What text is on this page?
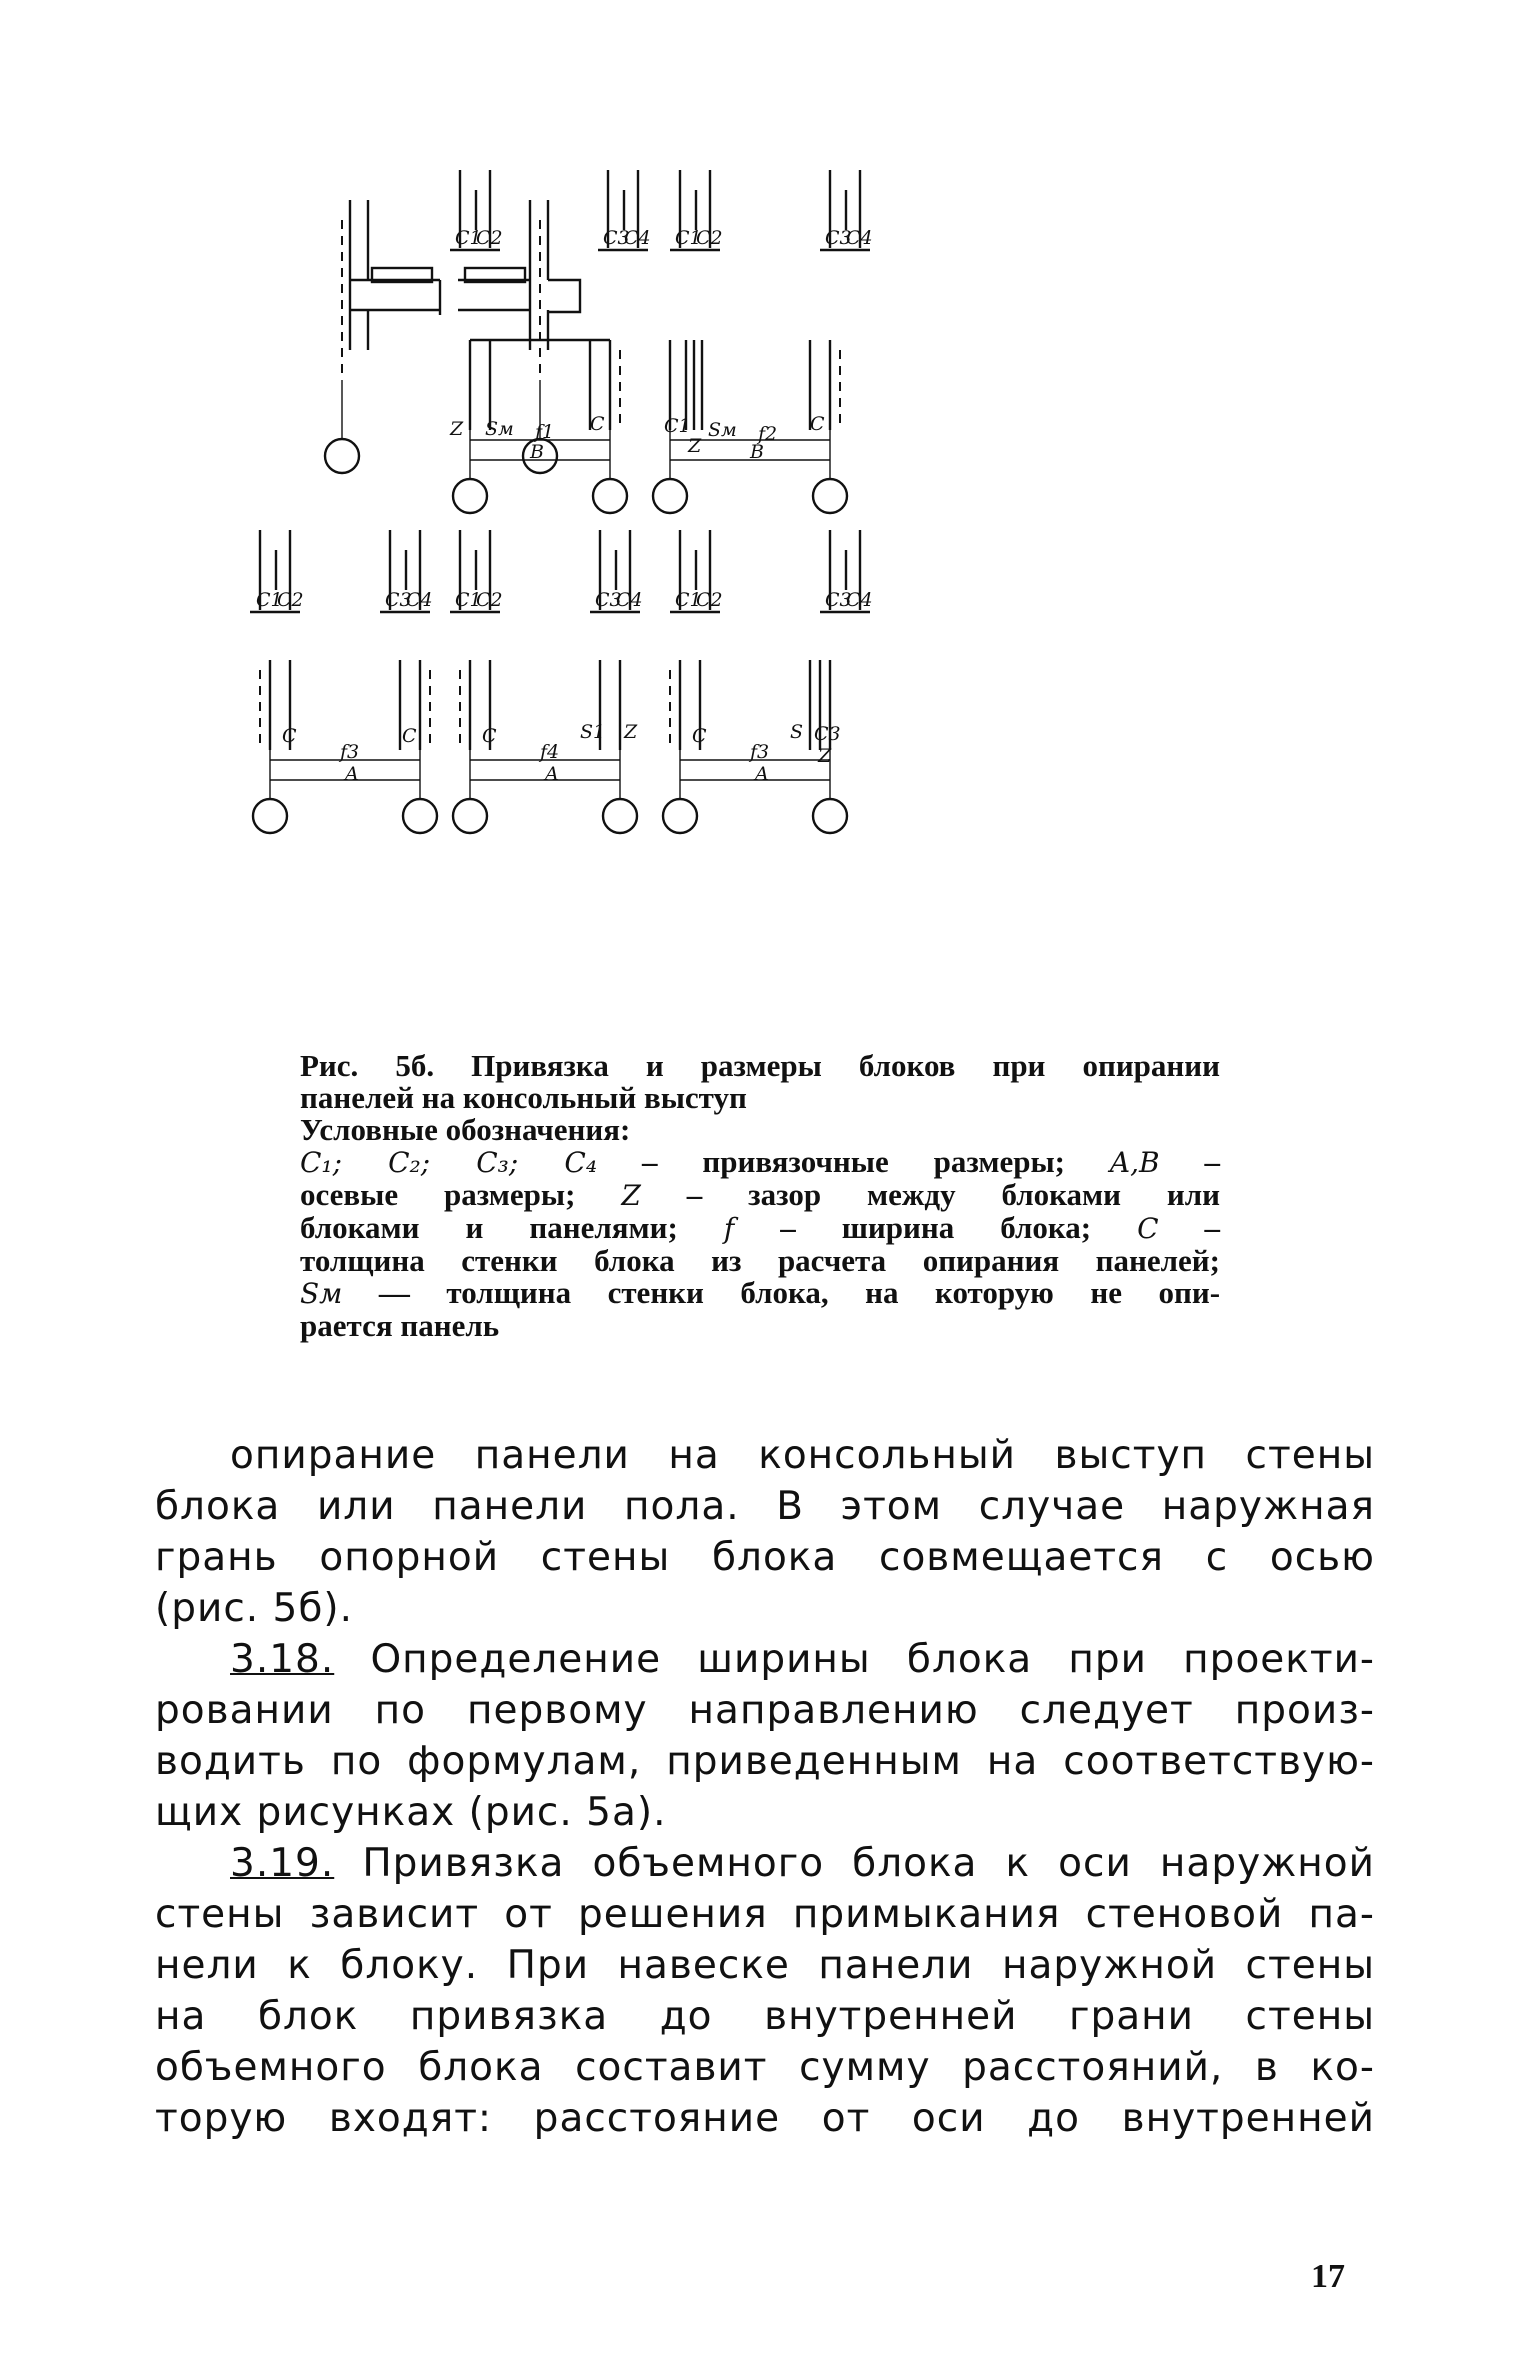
C1
C2	C3
C4 C1
C2	C3
C4
Z Sм f1 C
B
C1 Sм f2 C
B
Z
C1
C2	C3
C4 C1
C2	C3
C4 C1
C2	C3
C4
C	C
f3
A
C	S1 Z
f4
A
C	S C3
f3
A
Z

Рис. 5б. Привязка и размеры блоков при опирании

панелей на консольный выступ

Условные обозначения:

C₁; C₂; C₃; C₄ – привязочные размеры; A,B –

осевые размеры; Z – зазор между блоками или

блоками и панелями; f – ширина блока; C –

толщина стенки блока из расчета опирания панелей;

Sм — толщина стенки блока, на которую не опи-

рается панель

опирание панели на консольный выступ стены
блока или панели пола. В этом случае наружная
грань опорной стены блока совмещается с осью
(рис. 5б).

3.18. Определение ширины блока при проекти-
ровании по первому направлению следует произ-
водить по формулам, приведенным на соответствую-
щих рисунках (рис. 5а).

3.19. Привязка объемного блока к оси наружной
стены зависит от решения примыкания стеновой па-
нели к блоку. При навеске панели наружной стены
на блок привязка до внутренней грани стены
объемного блока составит сумму расстояний, в ко-
торую входят: расстояние от оси до внутренней

17
